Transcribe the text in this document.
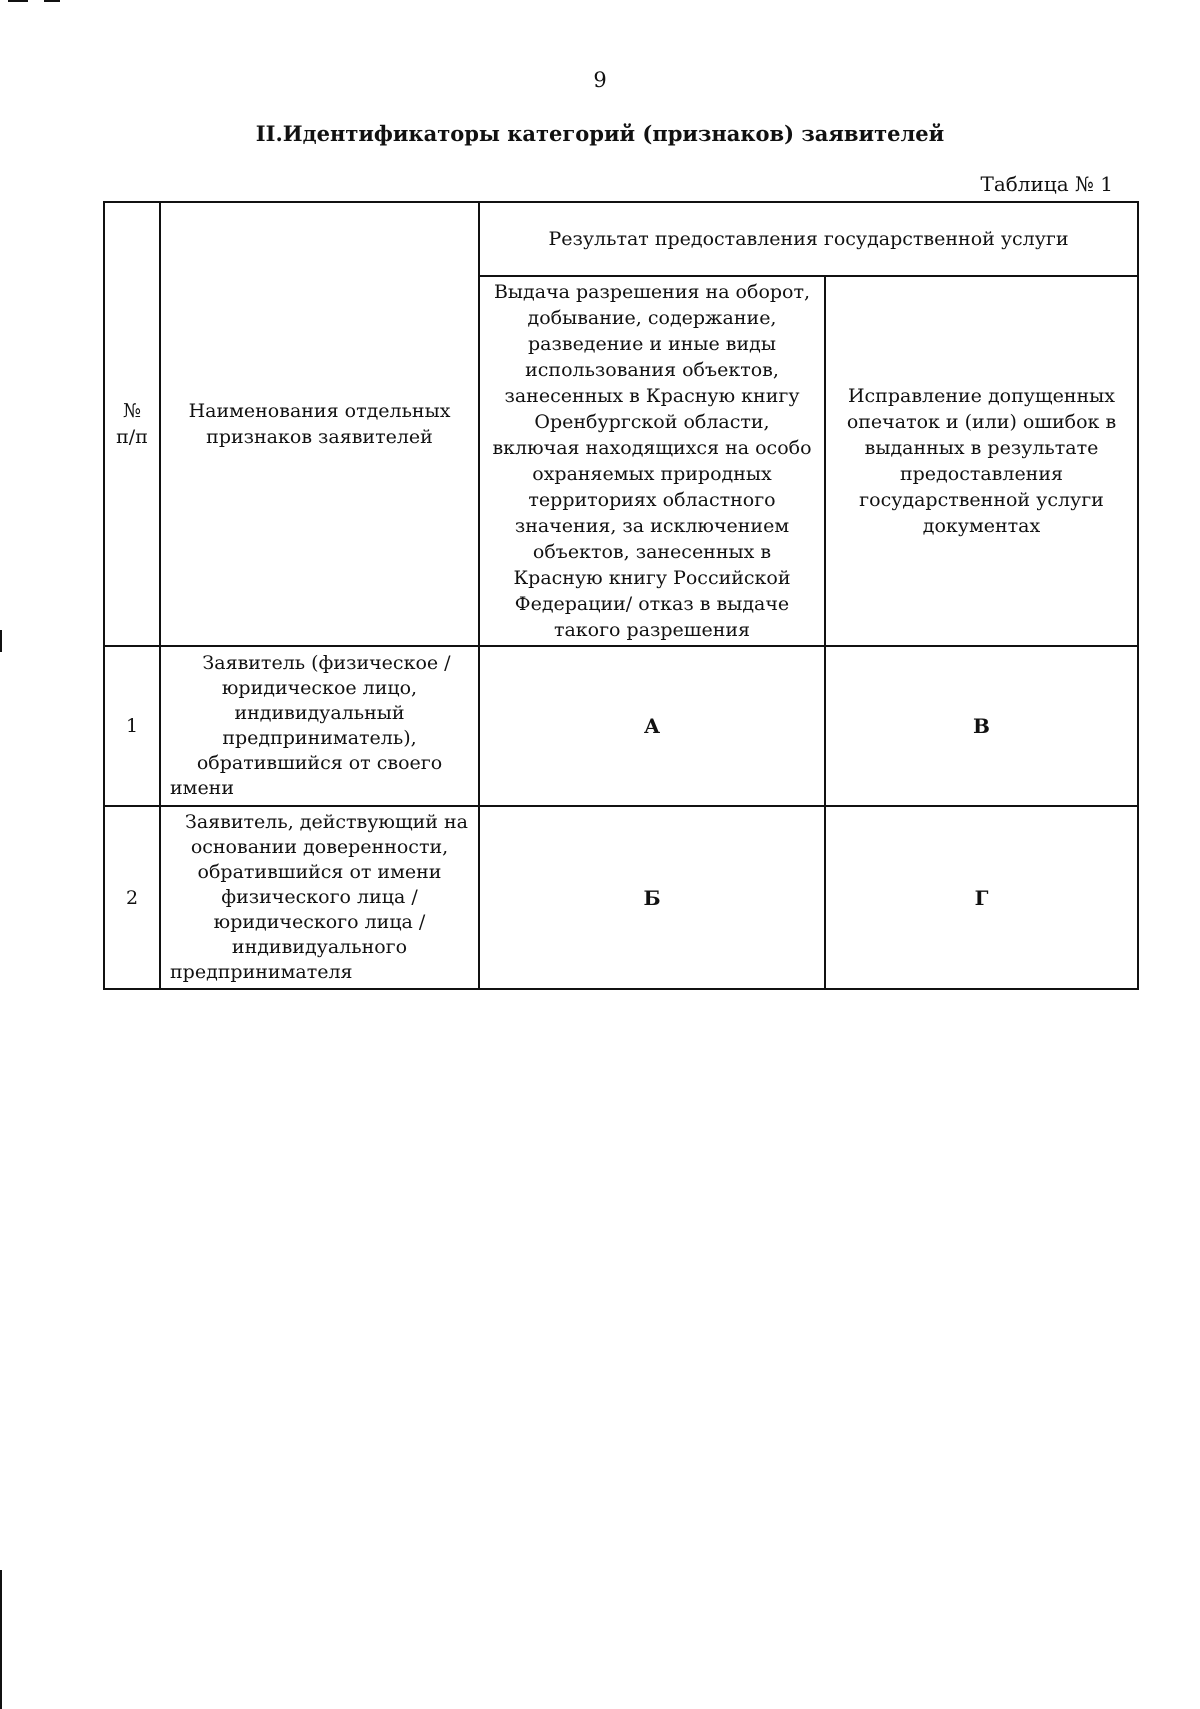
9
II.Идентификаторы категорий (признаков) заявителей
Таблица № 1
№ п/п	Наименования отдельных признаков заявителей	Результат предоставления государственной услуги	
		Выдача разрешения на оборот, добывание, содержание, разведение и иные виды использования объектов, занесенных в Красную книгу Оренбургской области, включая находящихся на особо охраняемых природных территориях областного значения, за исключением объектов, занесенных в Красную книгу Российской Федерации/ отказ в выдаче такого разрешения	Исправление допущенных опечаток и (или) ошибок в выданных в результате предоставления государственной услуги документах
1	Заявитель (физическое /юридическое лицо, индивидуальный предприниматель), обратившийся от своего имени	А	В
2	Заявитель, действующий на основании доверенности, обратившийся от имени физического лица / юридического лица / индивидуального предпринимателя	Б	Г
